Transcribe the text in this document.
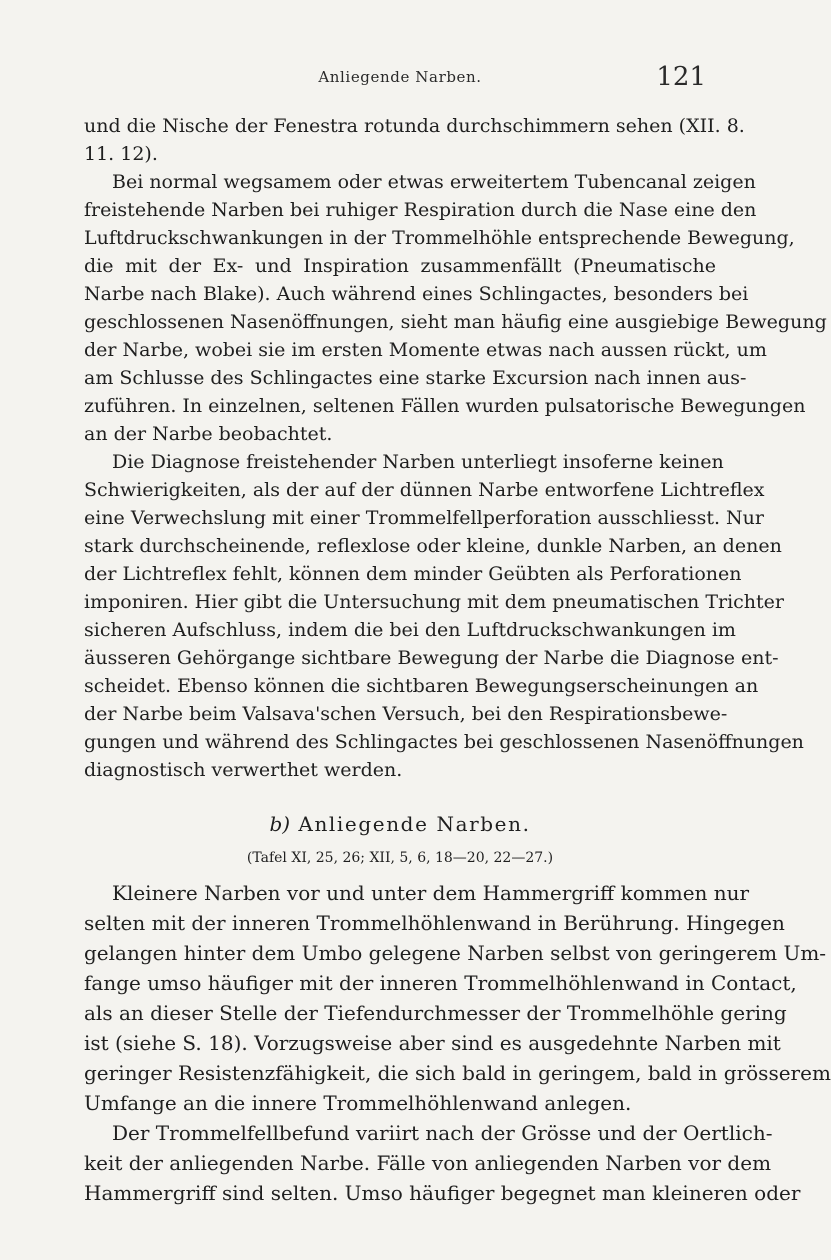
Anliegende Narben.	121
und die Nische der Fenestra rotunda durchschimmern sehen (XII. 8.
11. 12).
Bei normal wegsamem oder etwas erweitertem Tubencanal zeigen
freistehende Narben bei ruhiger Respiration durch die Nase eine den
Luftdruckschwankungen in der Trommelhöhle entsprechende Bewegung,
die mit der Ex- und Inspiration zusammenfällt (Pneumatische
Narbe nach Blake). Auch während eines Schlingactes, besonders bei
geschlossenen Nasenöffnungen, sieht man häufig eine ausgiebige Bewegung
der Narbe, wobei sie im ersten Momente etwas nach aussen rückt, um
am Schlusse des Schlingactes eine starke Excursion nach innen aus-
zuführen. In einzelnen, seltenen Fällen wurden pulsatorische Bewegungen
an der Narbe beobachtet.
Die Diagnose freistehender Narben unterliegt insoferne keinen
Schwierigkeiten, als der auf der dünnen Narbe entworfene Lichtreflex
eine Verwechslung mit einer Trommelfellperforation ausschliesst. Nur
stark durchscheinende, reflexlose oder kleine, dunkle Narben, an denen
der Lichtreflex fehlt, können dem minder Geübten als Perforationen
imponiren. Hier gibt die Untersuchung mit dem pneumatischen Trichter
sicheren Aufschluss, indem die bei den Luftdruckschwankungen im
äusseren Gehörgange sichtbare Bewegung der Narbe die Diagnose ent-
scheidet. Ebenso können die sichtbaren Bewegungserscheinungen an
der Narbe beim Valsava'schen Versuch, bei den Respirationsbewe-
gungen und während des Schlingactes bei geschlossenen Nasenöffnungen
diagnostisch verwerthet werden.
b) Anliegende Narben.
(Tafel XI, 25, 26; XII, 5, 6, 18—20, 22—27.)
Kleinere Narben vor und unter dem Hammergriff kommen nur
selten mit der inneren Trommelhöhlenwand in Berührung. Hingegen
gelangen hinter dem Umbo gelegene Narben selbst von geringerem Um-
fange umso häufiger mit der inneren Trommelhöhlenwand in Contact,
als an dieser Stelle der Tiefendurchmesser der Trommelhöhle gering
ist (siehe S. 18). Vorzugsweise aber sind es ausgedehnte Narben mit
geringer Resistenzfähigkeit, die sich bald in geringem, bald in grösserem
Umfange an die innere Trommelhöhlenwand anlegen.
Der Trommelfellbefund variirt nach der Grösse und der Oertlich-
keit der anliegenden Narbe. Fälle von anliegenden Narben vor dem
Hammergriff sind selten. Umso häufiger begegnet man kleineren oder
